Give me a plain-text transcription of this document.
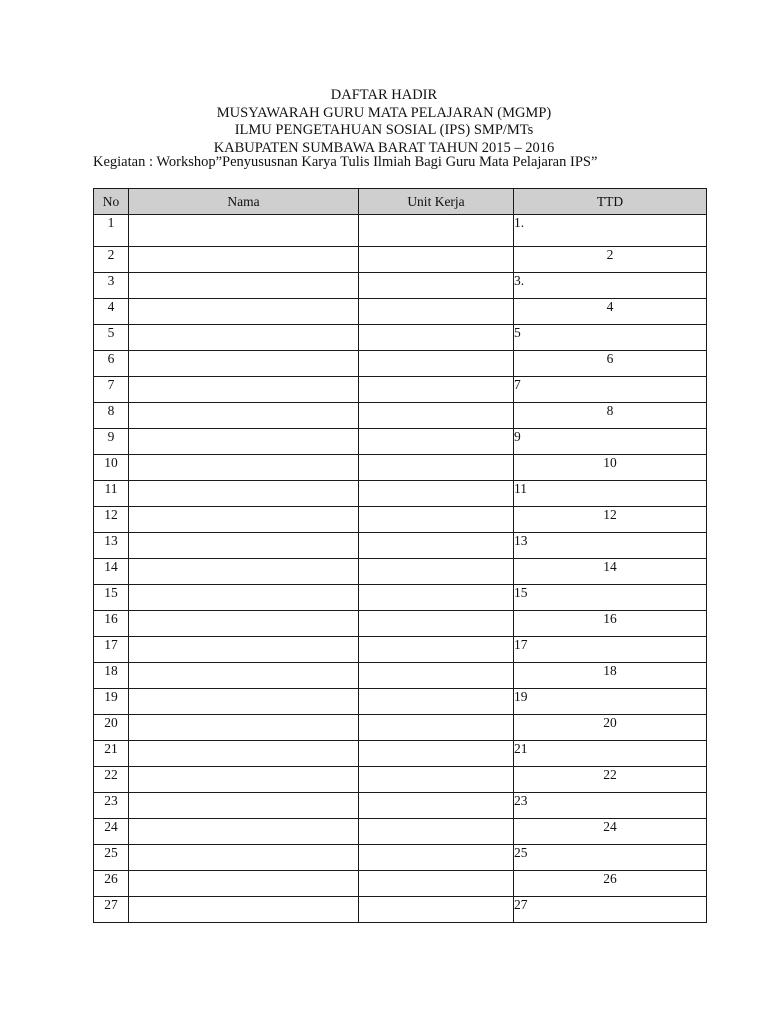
DAFTAR HADIR
MUSYAWARAH GURU MATA PELAJARAN (MGMP)
ILMU PENGETAHUAN SOSIAL (IPS) SMP/MTs
KABUPATEN SUMBAWA BARAT TAHUN 2015 – 2016
Kegiatan : Workshop”Penyususnan Karya Tulis Ilmiah Bagi Guru Mata Pelajaran IPS”
No	Nama	Unit Kerja	TTD
1			1.
2			2
3			3.
4			4
5			5
6			6
7			7
8			8
9			9
10			10
11			11
12			12
13			13
14			14
15			15
16			16
17			17
18			18
19			19
20			20
21			21
22			22
23			23
24			24
25			25
26			26
27			27
